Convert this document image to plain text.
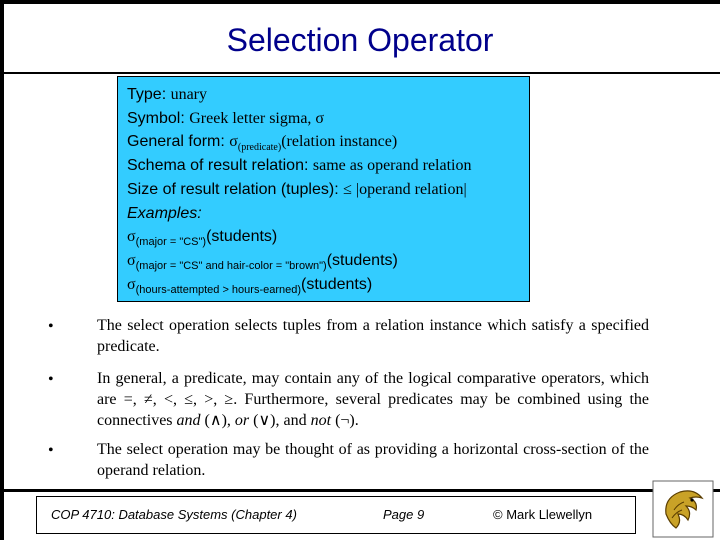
Selection Operator
Type: unary
Symbol: Greek letter sigma, σ
General form: $\sigma_{(predicate)}(relation$ instance)
Schema of result relation: same as operand relation
Size of result relation (tuples): ≤ |operand relation|
Examples:
$\sigma_{(major = "CS")}(students)$
$\sigma_{(major = "CS" and hair-color = "brown")}(students)$
$\sigma_{(hours-attempted > hours-earned)}(students)$
•	The select operation selects tuples from a relation instance which satisfy a specified predicate.
•	In general, a predicate, may contain any of the logical comparative operators, which are =, ≠, <, ≤, >, ≥. Furthermore, several predicates may be combined using the connectives and (∧), or (∨), and not (¬).
•	The select operation may be thought of as providing a horizontal cross-section of the operand relation.
COP 4710: Database Systems (Chapter 4)	Page 9	© Mark Llewellyn
